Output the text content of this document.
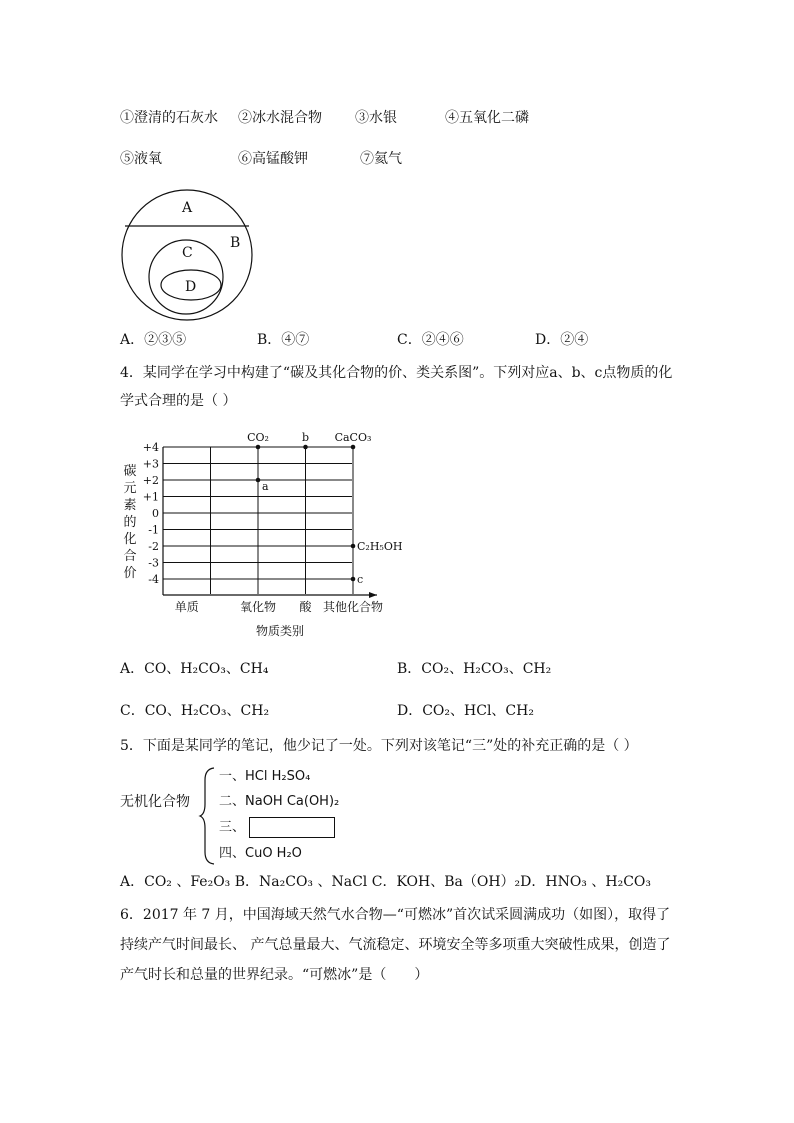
①澄清的石灰水 ②冰水混合物 ③水银	④五氧化二磷
⑤液氧	⑥高锰酸钾	⑦氦气
A
B
C
D
A．②③⑤	B．④⑦	C．②④⑥	D．②④
4．某同学在学习中构建了“碳及其化合物的价、类关系图”。下列对应a、b、c点物质的化
学式合理的是（ ）
+4
+3
+2
+1
0
-1
-2
-3
-4
碳
元
素
的
化
合
价
单质	氧化物 酸 其他化合物
物质类别
CO₂	b CaCO₃
a
C₂H₅OH
c
A．CO、H₂CO₃、CH₄	B．CO₂、H₂CO₃、CH₂
C．CO、H₂CO₃、CH₂	D．CO₂、HCl、CH₂
5．下面是某同学的笔记，他少记了一处。下列对该笔记“三”处的补充正确的是（ ）
无机化合物
一、HCl H₂SO₄
二、NaOH Ca(OH)₂
三、
四、CuO H₂O
A．CO₂ 、Fe₂O₃ B．Na₂CO₃ 、NaCl C．KOH、Ba（OH）₂D．HNO₃ 、H₂CO₃
6．2017 年 7 月，中国海域天然气水合物—“可燃冰”首次试采圆满成功（如图），取得了
持续产气时间最长、 产气总量最大、气流稳定、环境安全等多项重大突破性成果，创造了
产气时长和总量的世界纪录。“可燃冰”是（　　）
